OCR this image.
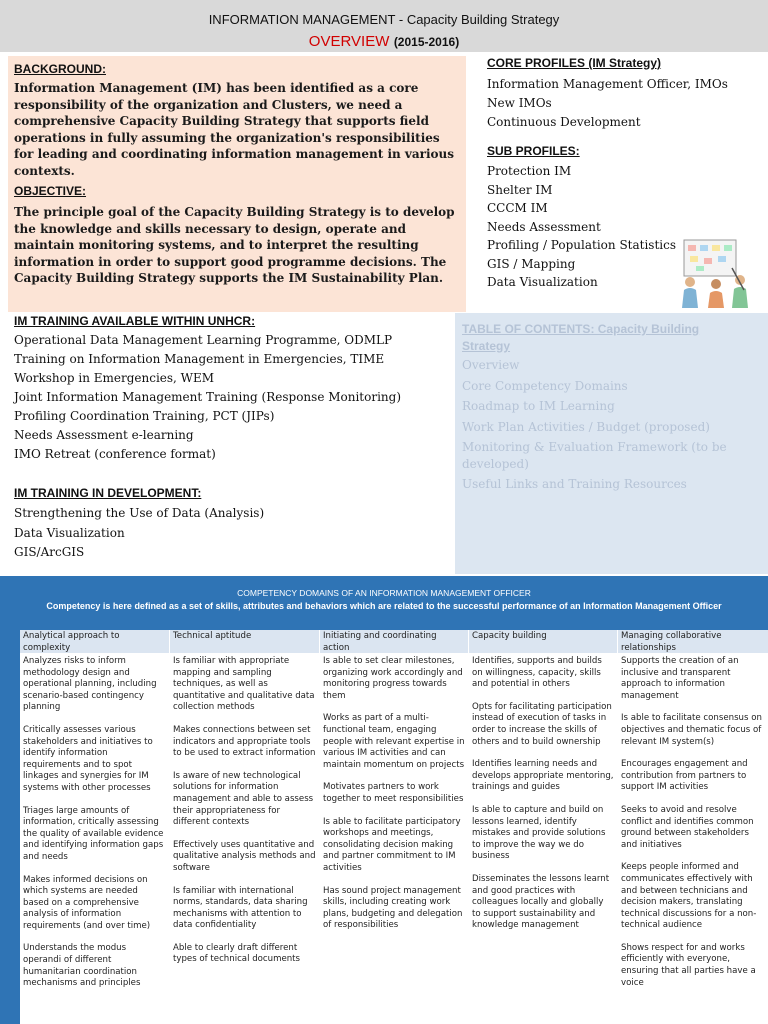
INFORMATION MANAGEMENT - Capacity Building Strategy
OVERVIEW (2015-2016)
BACKGROUND:
Information Management (IM) has been identified as a core responsibility of the organization and Clusters, we need a comprehensive Capacity Building Strategy that supports field operations in fully assuming the organization's responsibilities for leading and coordinating information management in various contexts.
OBJECTIVE:
The principle goal of the Capacity Building Strategy is to develop the knowledge and skills necessary to design, operate and maintain monitoring systems, and to interpret the resulting information in order to support good programme decisions. The Capacity Building Strategy supports the IM Sustainability Plan.
CORE PROFILES (IM Strategy)
Information Management Officer, IMOs
New IMOs
Continuous Development
SUB PROFILES:
Protection IM
Shelter IM
CCCM IM
Needs Assessment
Profiling / Population Statistics
GIS / Mapping
Data Visualization
IM TRAINING AVAILABLE WITHIN UNHCR:
Operational Data Management Learning Programme, ODMLP
Training on Information Management in Emergencies, TIME
Workshop in Emergencies, WEM
Joint Information Management Training (Response Monitoring)
Profiling Coordination Training, PCT (JIPs)
Needs Assessment e-learning
IMO Retreat (conference format)
IM TRAINING IN DEVELOPMENT:
Strengthening the Use of Data (Analysis)
Data Visualization
GIS/ArcGIS
TABLE OF CONTENTS: Capacity Building Strategy
Overview
Core Competency Domains
Roadmap to IM Learning
Work Plan Activities / Budget (proposed)
Monitoring & Evaluation Framework (to be developed)
Useful Links and Training Resources
COMPETENCY DOMAINS OF AN INFORMATION MANAGEMENT OFFICER
Competency is here defined as a set of skills, attributes and behaviors which are related to the successful performance of an Information Management Officer
Analytical approach to complexity

Analyzes risks to inform methodology design and operational planning, including scenario-based contingency planning

Critically assesses various stakeholders and initiatives to identify information requirements and to spot linkages and synergies for IM systems with other processes

Triages large amounts of information, critically assessing the quality of available evidence and identifying information gaps and needs

Makes informed decisions on which systems are needed based on a comprehensive analysis of information requirements (and over time)

Understands the modus operandi of different humanitarian coordination mechanisms and principles

Technical aptitude

Is familiar with appropriate mapping and sampling techniques, as well as quantitative and qualitative data collection methods

Makes connections between set indicators and appropriate tools to be used to extract information

Is aware of new technological solutions for information management and able to assess their appropriateness for different contexts

Effectively uses quantitative and qualitative analysis methods and software

Is familiar with international norms, standards, data sharing mechanisms with attention to data confidentiality

Able to clearly draft different types of technical documents

Initiating and coordinating action

Is able to set clear milestones, organizing work accordingly and monitoring progress towards them

Works as part of a multi-functional team, engaging people with relevant expertise in various IM activities and can maintain momentum on projects

Motivates partners to work together to meet responsibilities

Is able to facilitate participatory workshops and meetings, consolidating decision making and partner commitment to IM activities

Has sound project management skills, including creating work plans, budgeting and delegation of responsibilities

Capacity building

Identifies, supports and builds on willingness, capacity, skills and potential in others

Opts for facilitating participation instead of execution of tasks in order to increase the skills of others and to build ownership

Identifies learning needs and develops appropriate mentoring, trainings and guides

Is able to capture and build on lessons learned, identify mistakes and provide solutions to improve the way we do business

Disseminates the lessons learnt and good practices with colleagues locally and globally to support sustainability and knowledge management

Managing collaborative relationships

Supports the creation of an inclusive and transparent approach to information management

Is able to facilitate consensus on objectives and thematic focus of relevant IM system(s)

Encourages engagement and contribution from partners to support IM activities

Seeks to avoid and resolve conflict and identifies common ground between stakeholders and initiatives

Keeps people informed and communicates effectively with and between technicians and decision makers, translating technical discussions for a non-technical audience

Shows respect for and works efficiently with everyone, ensuring that all parties have a voice
